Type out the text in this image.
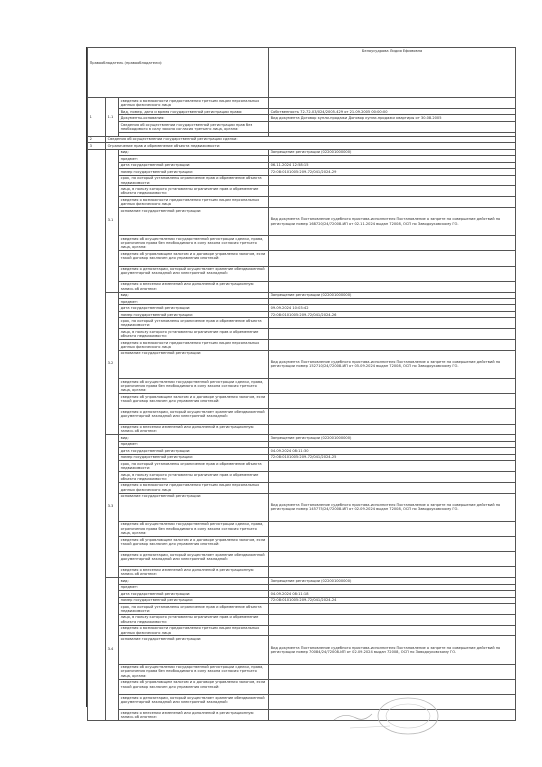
Правообладатель (правообладатели):			Белоусудрова Лидия Ефимовна
1	1.1	сведения о возможности предоставления третьим лицам персональных данных физического лица	
		Вид, номер, дата и время государственной регистрации права:	Собственность 72-72-03/024/2005-429 от 21.09.2005 00:00:00
		Документы-основания:	Вид документа Договор купли-продажи Договор купли-продажи квартиры от 30.08.2005
		Сведения об осуществлении государственной регистрации прав без необходимого в силу закона согласия третьего лица, органа:	

2	Сведения об осуществлении государственной регистрации сделки:		
3	Ограничение прав и обременение объекта недвижимости:		
	3.1	вид:	Запрещение регистрации (022001000000)
		предмет:	
		дата государственной регистрации:	06.11.2024 12:58:15
		номер государственной регистрации:	72:08:0101005:209-72/041/2024-29
		срок, на который установлены ограничение прав и обременение объекта недвижимости:	
		лицо, в пользу которого установлены ограничение прав и обременение объекта недвижимости:	
		сведения о возможности предоставления третьим лицам персональных данных физического лица	
		основание государственной регистрации:	Вид документа Постановление судебного пристава-исполнителя Постановление о запрете на совершение действий по регистрации номер 168720/24/72008-ИП от 02.11.2024 выдан 72008, ОСП по Заводоуковскому ГО.
		сведения об осуществлении государственной регистрации сделки, права, ограничения права без необходимого в силу закона согласия третьего лица, органа:	
		сведения об управляющем залогом и о договоре управления залогом, если такой договор заключен для управления ипотекой:	
		сведения о депозитарии, который осуществляет хранение обездвиженной документарной закладной или электронной закладной:	
		сведения о внесении изменений или дополнений в регистрационную запись об ипотеке:	
	3.2	вид:	Запрещение регистрации (022001000000)
		предмет:	
		дата государственной регистрации:	09.09.2024 10:03:42
		номер государственной регистрации:	72:08:0101005:209-72/041/2024-26
		срок, на который установлены ограничение прав и обременение объекта недвижимости:	
		лицо, в пользу которого установлены ограничение прав и обременение объекта недвижимости:	
		сведения о возможности предоставления третьим лицам персональных данных физического лица	
		основание государственной регистрации:	Вид документа Постановление судебного пристава-исполнителя Постановление о запрете на совершение действий по регистрации номер 152710/24/72008-ИП от 05.09.2024 выдан 72008, ОСП по Заводоуковскому ГО.
		сведения об осуществлении государственной регистрации сделки, права, ограничения права без необходимого в силу закона согласия третьего лица, органа:	
		сведения об управляющем залогом и о договоре управления залогом, если такой договор заключен для управления ипотекой:	
		сведения о депозитарии, который осуществляет хранение обездвиженной документарной закладной или электронной закладной:	
		сведения о внесении изменений или дополнений в регистрационную запись об ипотеке:	
	3.3	вид:	Запрещение регистрации (022001000000)
		предмет:	
		дата государственной регистрации:	04.09.2024 08:11:30
		номер государственной регистрации:	72:08:0101005:209-72/041/2024-25
		срок, на который установлены ограничение прав и обременение объекта недвижимости:	
		лицо, в пользу которого установлены ограничение прав и обременение объекта недвижимости:	
		сведения о возможности предоставления третьим лицам персональных данных физического лица	
		основание государственной регистрации:	Вид документа Постановление судебного пристава-исполнителя Постановление о запрете на совершение действий по регистрации номер 145775/24/72008-ИП от 02.09.2024 выдан 72008, ОСП по Заводоуковскому ГО.
		сведения об осуществлении государственной регистрации сделки, права, ограничения права без необходимого в силу закона согласия третьего лица, органа:	
		сведения об управляющем залогом и о договоре управления залогом, если такой договор заключен для управления ипотекой:	
		сведения о депозитарии, который осуществляет хранение обездвиженной документарной закладной или электронной закладной:	
		сведения о внесении изменений или дополнений в регистрационную запись об ипотеке:	
	3.4	вид:	Запрещение регистрации (022001000000)
		предмет:	
		дата государственной регистрации:	04.09.2024 08:11:18
		номер государственной регистрации:	72:08:0101005:209-72/041/2024-24
		срок, на который установлены ограничение прав и обременение объекта недвижимости:	
		лицо, в пользу которого установлены ограничение прав и обременение объекта недвижимости:	
		сведения о возможности предоставления третьим лицам персональных данных физического лица	
		основание государственной регистрации:	Вид документа Постановление судебного пристава-исполнителя Постановление о запрете на совершение действий по регистрации номер 70084/24/72008-ИП от 02.09.2024 выдан 72008, ОСП по Заводоуковскому ГО.
		сведения об осуществлении государственной регистрации сделки, права, ограничения права без необходимого в силу закона согласия третьего лица, органа:	
		сведения об управляющем залогом и о договоре управления залогом, если такой договор заключен для управления ипотекой:	
		сведения о депозитарии, который осуществляет хранение обездвиженной документарной закладной или электронной закладной:	
		сведения о внесении изменений или дополнений в регистрационную запись об ипотеке:	
